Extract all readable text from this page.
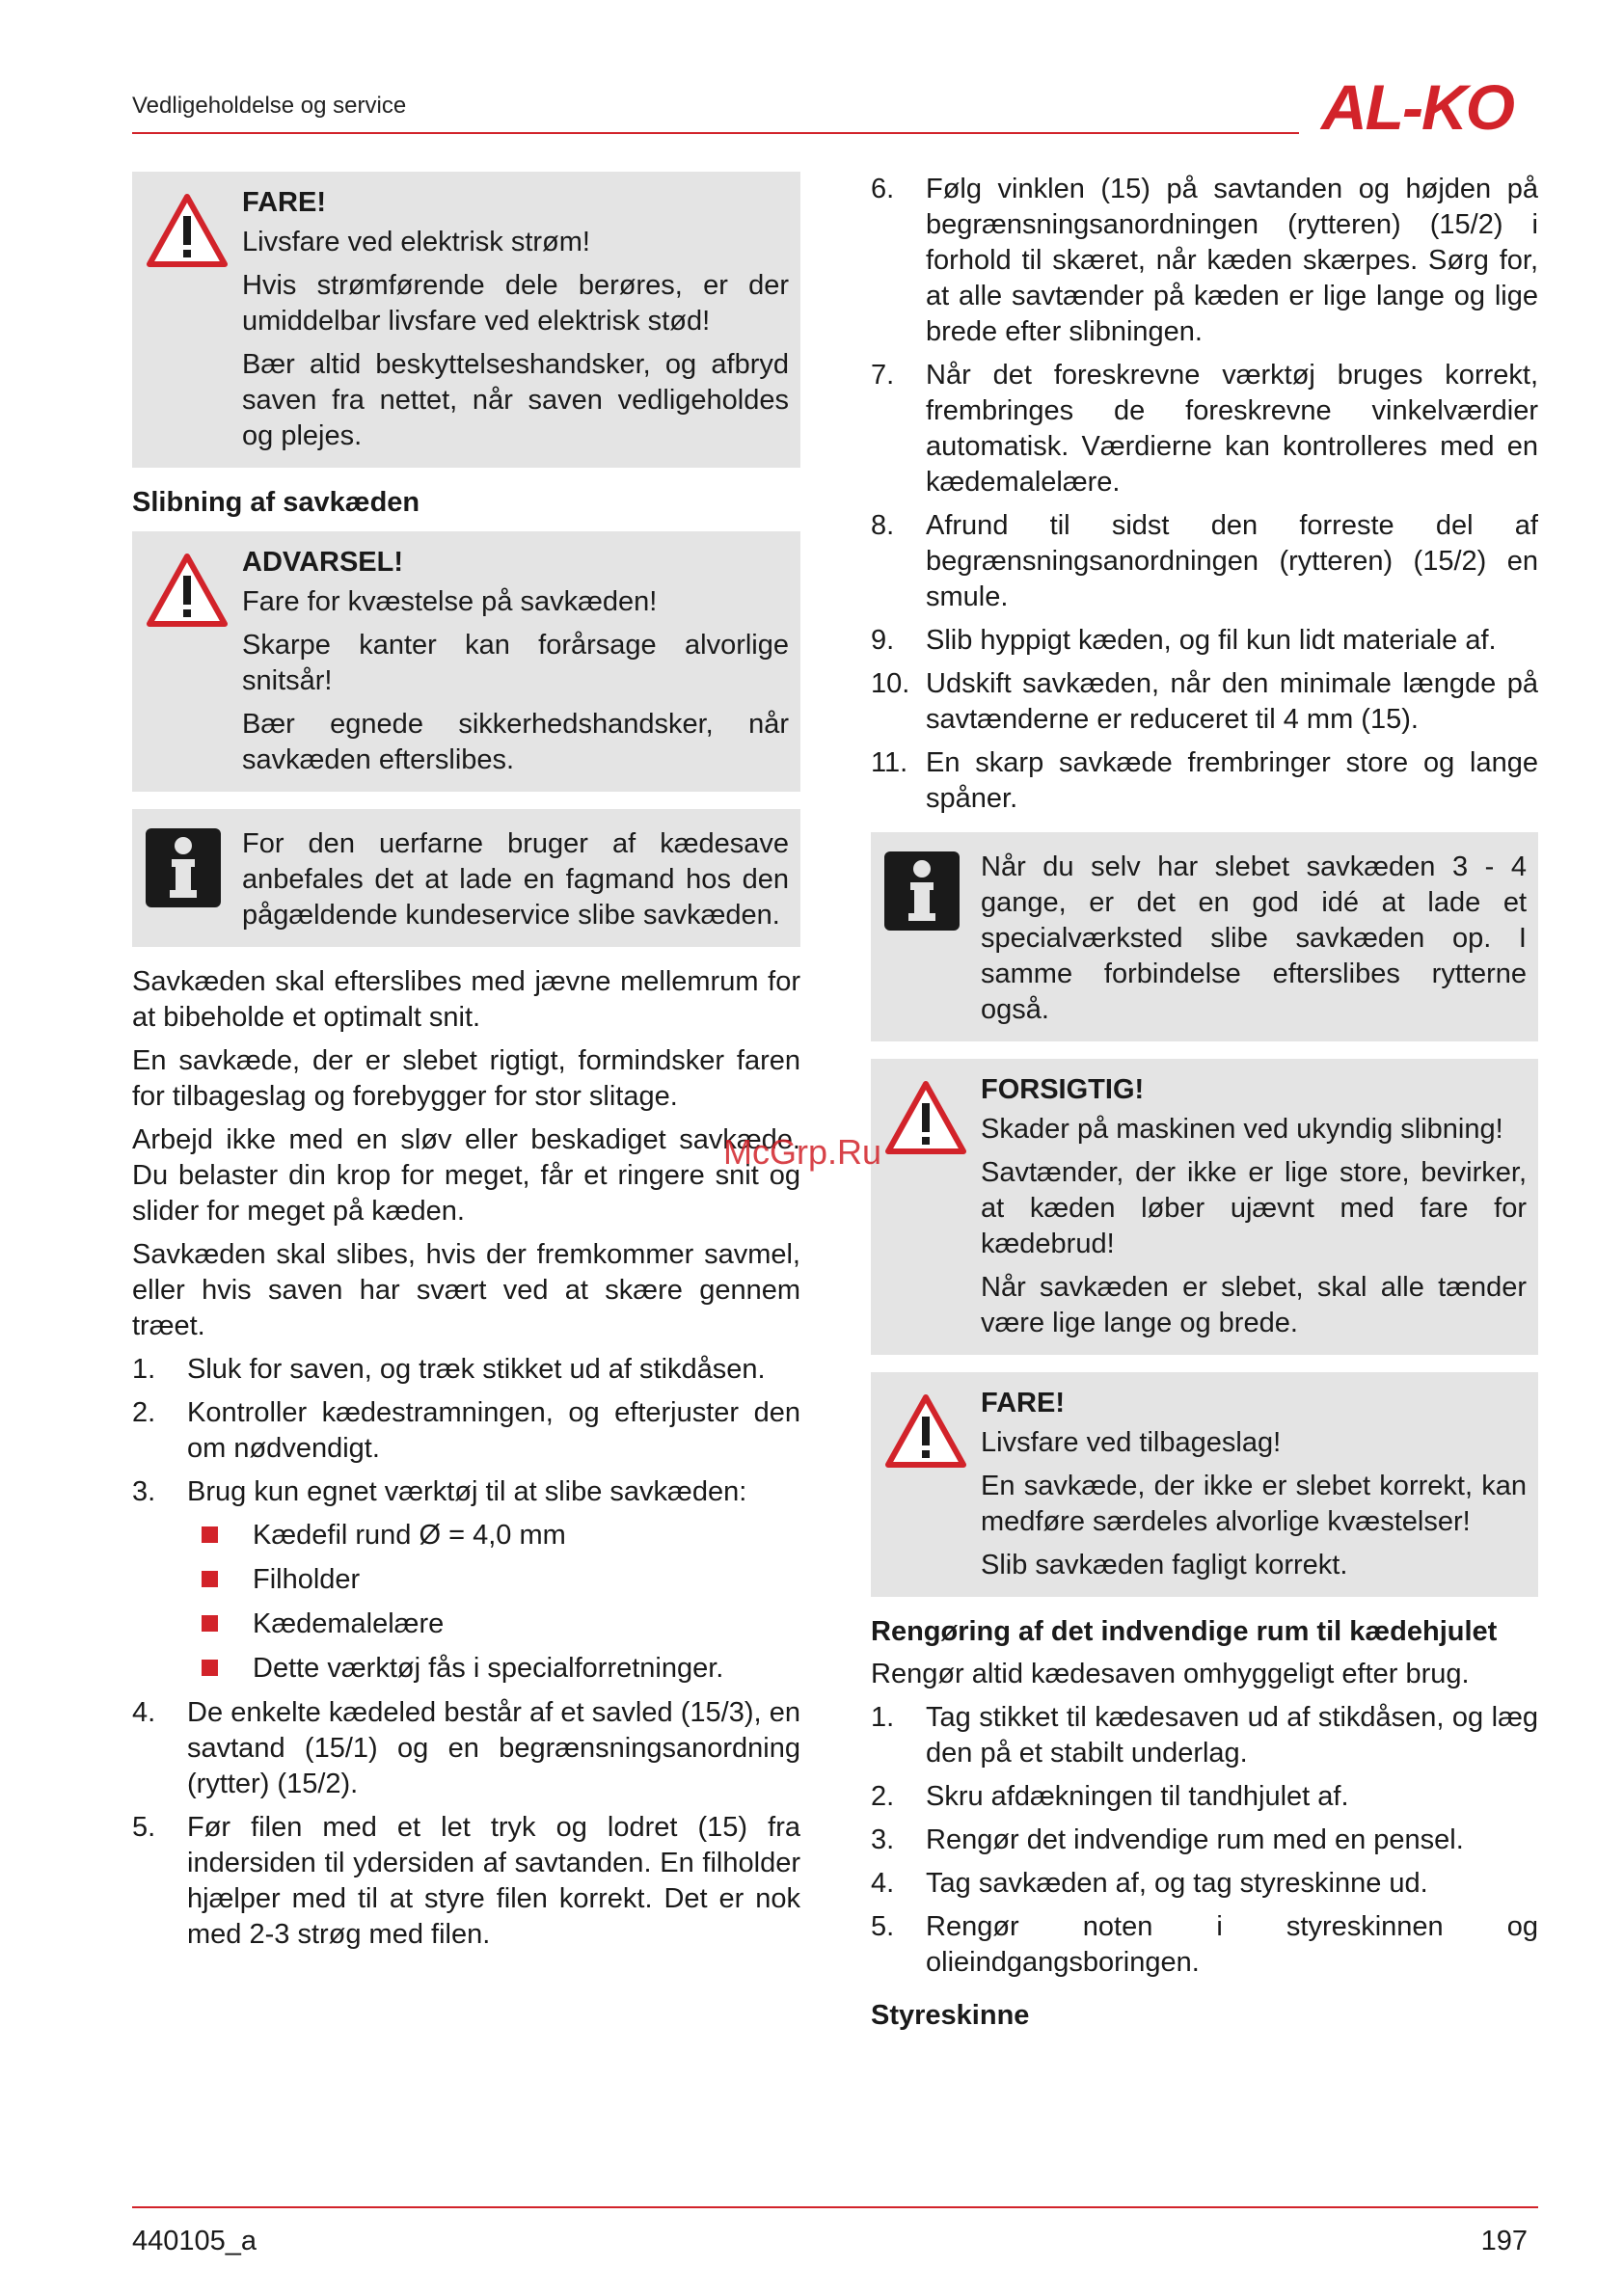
Vedligeholdelse og service	AL-KO
FARE!

Livsfare ved elektrisk strøm!

Hvis strømførende dele berøres, er der umiddelbar livsfare ved elektrisk stød!

Bær altid beskyttelseshandsker, og afbryd saven fra nettet, når saven vedligeholdes og plejes.

Slibning af savkæden
ADVARSEL!

Fare for kvæstelse på savkæden!

Skarpe kanter kan forårsage alvorlige snitsår!

Bær egnede sikkerhedshandsker, når savkæden efterslibes.

For den uerfarne bruger af kædesave anbefales det at lade en fagmand hos den pågældende kundeservice slibe savkæden.

Savkæden skal efterslibes med jævne mellemrum for at bibeholde et optimalt snit.

En savkæde, der er slebet rigtigt, formindsker faren for tilbageslag og forebygger for stor slitage.

Arbejd ikke med en sløv eller beskadiget savkæde. Du belaster din krop for meget, får et ringere snit og slider for meget på kæden.

Savkæden skal slibes, hvis der fremkommer savmel, eller hvis saven har svært ved at skære gennem træet.

1. Sluk for saven, og træk stikket ud af stikdåsen.
2. Kontroller kædestramningen, og efterjuster den om nødvendigt.
3. Brug kun egnet værktøj til at slibe savkæden:
Kædefil rund Ø = 4,0 mm
Filholder
Kædemalelære
Dette værktøj fås i specialforretninger.
4. De enkelte kædeled består af et savled (15/3), en savtand (15/1) og en begrænsningsanordning (rytter) (15/2).
5. Før filen med et let tryk og lodret (15) fra indersiden til ydersiden af savtanden. En filholder hjælper med til at styre filen korrekt. Det er nok med 2-3 strøg med filen.
6. Følg vinklen (15) på savtanden og højden på begrænsningsanordningen (rytteren) (15/2) i forhold til skæret, når kæden skærpes. Sørg for, at alle savtænder på kæden er lige lange og lige brede efter slibningen.
7. Når det foreskrevne værktøj bruges korrekt, frembringes de foreskrevne vinkelværdier automatisk. Værdierne kan kontrolleres med en kædemalelære.
8. Afrund til sidst den forreste del af begrænsningsanordningen (rytteren) (15/2) en smule.
9. Slib hyppigt kæden, og fil kun lidt materiale af.
10. Udskift savkæden, når den minimale længde på savtænderne er reduceret til 4 mm (15).
11. En skarp savkæde frembringer store og lange spåner.

Når du selv har slebet savkæden 3 - 4 gange, er det en god idé at lade et specialværksted slibe savkæden op. I samme forbindelse efterslibes rytterne også.

FORSIGTIG!

Skader på maskinen ved ukyndig slibning!

Savtænder, der ikke er lige store, bevirker, at kæden løber ujævnt med fare for kædebrud!

Når savkæden er slebet, skal alle tænder være lige lange og brede.

FARE!

Livsfare ved tilbageslag!

En savkæde, der ikke er slebet korrekt, kan medføre særdeles alvorlige kvæstelser!

Slib savkæden fagligt korrekt.

Rengøring af det indvendige rum til kædehjulet

Rengør altid kædesaven omhyggeligt efter brug.

1. Tag stikket til kædesaven ud af stikdåsen, og læg den på et stabilt underlag.
2. Skru afdækningen til tandhjulet af.
3. Rengør det indvendige rum med en pensel.
4. Tag savkæden af, og tag styreskinne ud.
5. Rengør noten i styreskinnen og olieindgangsboringen.
Styreskinne
McGrp.Ru
440105_a	197
